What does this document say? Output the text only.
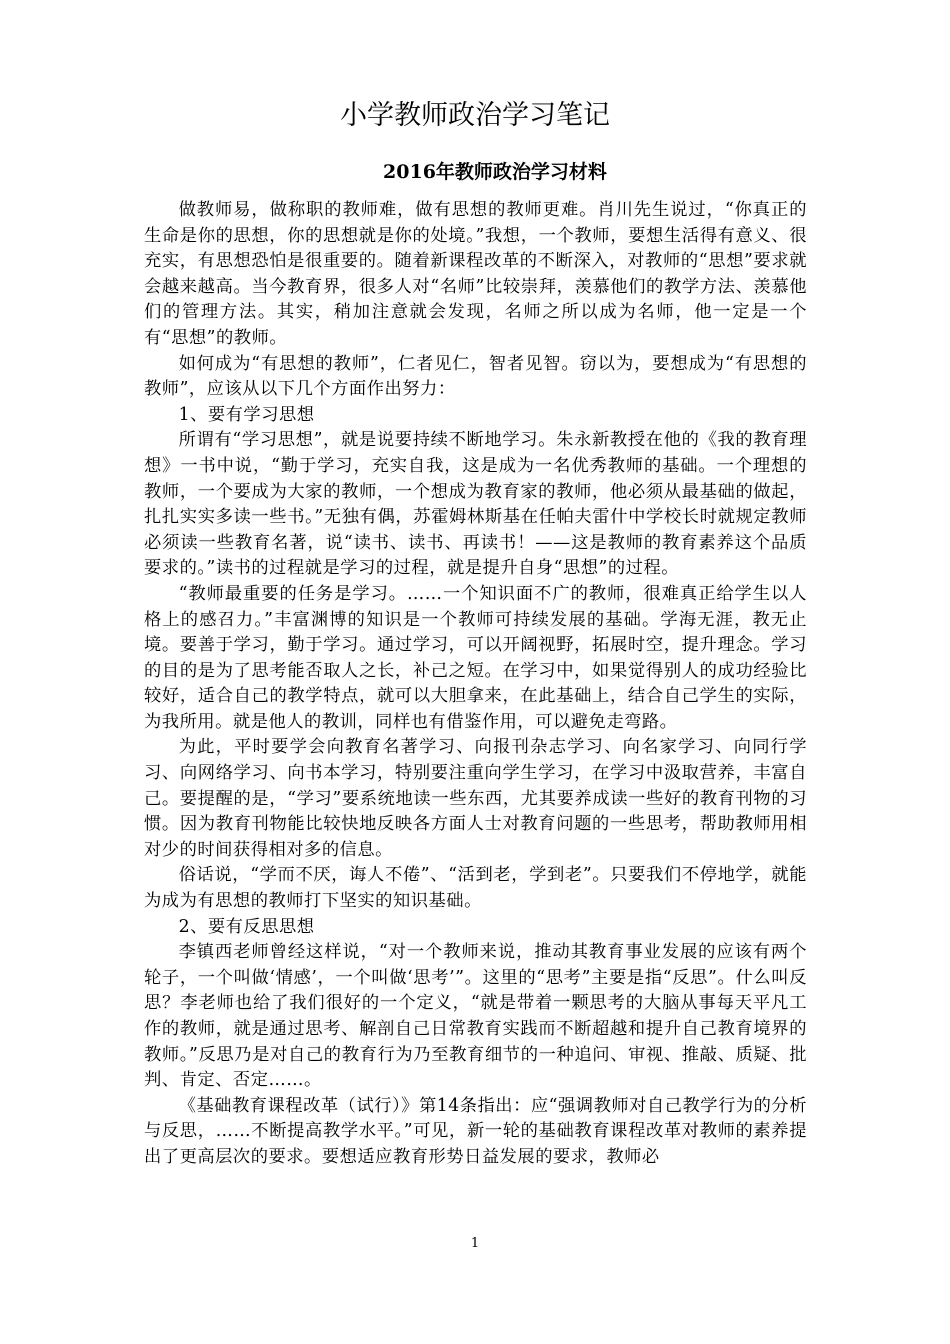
小学教师政治学习笔记
2016年教师政治学习材料

做教师易，做称职的教师难，做有思想的教师更难。肖川先生说过，“你真正的生命是你的思想，你的思想就是你的处境。”我想，一个教师，要想生活得有意义、很充实，有思想恐怕是很重要的。随着新课程改革的不断深入，对教师的“思想”要求就会越来越高。当今教育界，很多人对“名师”比较崇拜，羡慕他们的教学方法、羡慕他们的管理方法。其实，稍加注意就会发现，名师之所以成为名师，他一定是一个有“思想”的教师。

如何成为“有思想的教师”，仁者见仁，智者见智。窃以为，要想成为“有思想的教师”，应该从以下几个方面作出努力：

1、要有学习思想

所谓有“学习思想”，就是说要持续不断地学习。朱永新教授在他的《我的教育理想》一书中说，“勤于学习，充实自我，这是成为一名优秀教师的基础。一个理想的教师，一个要成为大家的教师，一个想成为教育家的教师，他必须从最基础的做起，扎扎实实多读一些书。”无独有偶，苏霍姆林斯基在任帕夫雷什中学校长时就规定教师必须读一些教育名著，说“读书、读书、再读书！——这是教师的教育素养这个品质要求的。”读书的过程就是学习的过程，就是提升自身“思想”的过程。

“教师最重要的任务是学习。……一个知识面不广的教师，很难真正给学生以人格上的感召力。”丰富渊博的知识是一个教师可持续发展的基础。学海无涯，教无止境。要善于学习，勤于学习。通过学习，可以开阔视野，拓展时空，提升理念。学习的目的是为了思考能否取人之长，补己之短。在学习中，如果觉得别人的成功经验比较好，适合自己的教学特点，就可以大胆拿来，在此基础上，结合自己学生的实际，为我所用。就是他人的教训，同样也有借鉴作用，可以避免走弯路。

为此，平时要学会向教育名著学习、向报刊杂志学习、向名家学习、向同行学习、向网络学习、向书本学习，特别要注重向学生学习，在学习中汲取营养，丰富自己。要提醒的是，“学习”要系统地读一些东西，尤其要养成读一些好的教育刊物的习惯。因为教育刊物能比较快地反映各方面人士对教育问题的一些思考，帮助教师用相对少的时间获得相对多的信息。

俗话说，“学而不厌，诲人不倦”、“活到老，学到老”。只要我们不停地学，就能为成为有思想的教师打下坚实的知识基础。

2、要有反思思想

李镇西老师曾经这样说，“对一个教师来说，推动其教育事业发展的应该有两个轮子，一个叫做‘情感’，一个叫做‘思考’”。这里的“思考”主要是指“反思”。什么叫反思？李老师也给了我们很好的一个定义，“就是带着一颗思考的大脑从事每天平凡工作的教师，就是通过思考、解剖自己日常教育实践而不断超越和提升自己教育境界的教师。”反思乃是对自己的教育行为乃至教育细节的一种追问、审视、推敲、质疑、批判、肯定、否定……。

《基础教育课程改革（试行）》第14条指出：应“强调教师对自己教学行为的分析与反思，……不断提高教学水平。”可见，新一轮的基础教育课程改革对教师的素养提出了更高层次的要求。要想适应教育形势日益发展的要求，教师必

1
